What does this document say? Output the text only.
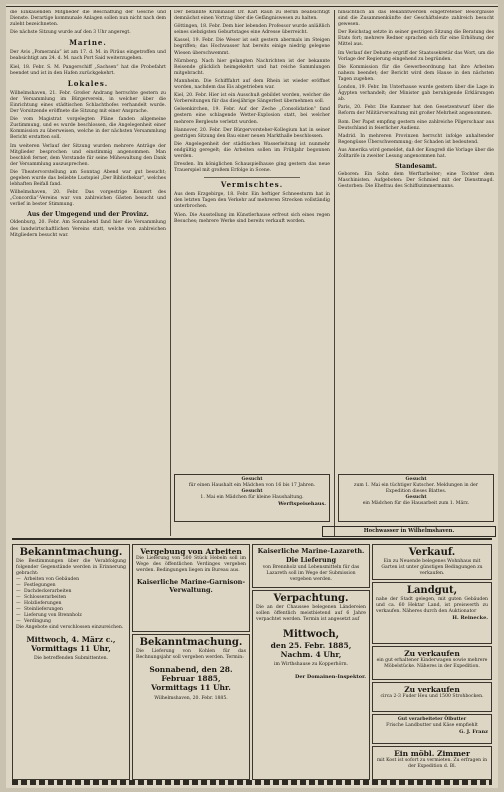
die Einkauenden Mitglieder die Beschaffung der Gesche und Dienste. Derartige kommunale Anlagen sollen nun nicht nach dem zuleht bezeichneten.

Die nächste Sitzung wurde auf den 3 Uhr angeregt.

Marine.

Der Avis „Pomerania“ ist am 17. d. M. in Piräus eingetroffen und beabsichtigt am 24. d. M. nach Port Said weiterzugehen.

Kiel, 18. Febr. S. M. Pangerschiff „Sachsen“ hat die Probefahrt beendet und ist in den Hafen zurückgekehrt.

Lokales.

Wilhelmshaven, 21. Febr. Großer Andrang herrschte gestern zu der Versammlung im Bürgerverein, in welcher über die Einrichtung eines städtischen Schlachthofes verhandelt wurde. Der Vorsitzende eröffnete die Sitzung mit einer Ansprache.

Die vom Magistrat vorgelegten Pläne fanden allgemeine Zustimmung, und es wurde beschlossen, die Angelegenheit einer Kommission zu überweisen, welche in der nächsten Versammlung Bericht erstatten soll.

Im weiteren Verlauf der Sitzung wurden mehrere Anträge der Mitglieder besprochen und einstimmig angenommen. Man beschloß ferner, dem Vorstande für seine Mühewaltung den Dank der Versammlung auszusprechen.

Die Theatervorstellung am Sonntag Abend war gut besucht; gegeben wurde das beliebte Lustspiel „Der Bibliothekar“, welches lebhaften Beifall fand.

Wilhelmshaven, 20. Febr. Das vorgestrige Konzert des „Concordia“-Vereins war von zahlreichen Gästen besucht und verlief in bester Stimmung.

Aus der Umgegend und der Provinz.

Oldenburg, 20. Febr. Am Sonnabend fand hier die Versammlung des landwirtschaftlichen Vereins statt, welche von zahlreichen Mitgliedern besucht war.

Der befannte Kriminalist Dr. Karl Rauh zu Berlin beabsichtigt demnächst einen Vortrag über die Gefängniswesen zu halten.

Göttingen, 18. Febr. Dem hier lebenden Professor wurde anläßlich seines siebzigsten Geburtstages eine Adresse überreicht.

Kassel, 19. Febr. Die Weser ist seit gestern abermals im Steigen begriffen; das Hochwasser hat bereits einige niedrig gelegene Wiesen überschwemmt.

Nürnberg. Nach hier gelangten Nachrichten ist der bekannte Reisende glücklich heimgekehrt und hat reiche Sammlungen mitgebracht.

Mannheim. Die Schifffahrt auf dem Rhein ist wieder eröffnet worden, nachdem das Eis abgetrieben war.

Kiel, 20. Febr. Hier ist ein Ausschuß gebildet worden, welcher die Vorbereitungen für das diesjährige Sängerfest übernehmen soll.

Gelsenkirchen, 19. Febr. Auf der Zeche „Consolidation“ fand gestern eine schlagende Wetter-Explosion statt, bei welcher mehrere Bergleute verletzt wurden.

Hannover, 20. Febr. Der Bürgervorsteher-Kollegium hat in seiner gestrigen Sitzung den Bau einer neuen Markthalle beschlossen.

Die Angelegenheit der städtischen Wasserleitung ist nunmehr endgültig geregelt; die Arbeiten sollen im Frühjahr begonnen werden.

Dresden. Im königlichen Schauspielhause ging gestern das neue Trauerspiel mit großem Erfolge in Scene.

Vermischtes.

Aus dem Erzgebirge, 18. Febr. Ein heftiger Schneesturm hat in den letzten Tagen den Verkehr auf mehreren Strecken vollständig unterbrochen.

Wien. Die Ausstellung im Künstlerhause erfreut sich eines regen Besuches; mehrere Werke sind bereits verkauft worden.

hinsichtlich an das Bekanntwerden eingetretener Besorgnisse sind die Zusammenkünfte der Geschäftsleute zahlreich besucht gewesen.

Der Reichstag setzte in seiner gestrigen Sitzung die Beratung des Etats fort; mehrere Redner sprachen sich für eine Erhöhung der Mittel aus.

Im Verlauf der Debatte ergriff der Staatssekretär das Wort, um die Vorlage der Regierung eingehend zu begründen.

Die Kommission für die Gewerbeordnung hat ihre Arbeiten nahezu beendet; der Bericht wird dem Hause in den nächsten Tagen zugehen.

London, 19. Febr. Im Unterhause wurde gestern über die Lage in Ägypten verhandelt; der Minister gab beruhigende Erklärungen ab.

Paris, 20. Febr. Die Kammer hat den Gesetzentwurf über die Reform der Militärverwaltung mit großer Mehrheit angenommen.

Rom. Der Papst empfing gestern eine zahlreiche Pilgerschaar aus Deutschland in feierlicher Audienz.

Madrid. In mehreren Provinzen herrscht infolge anhaltender Regengüsse Überschwemmung; der Schaden ist bedeutend.

Aus Amerika wird gemeldet, daß der Kongreß die Vorlage über die Zolltarife in zweiter Lesung angenommen hat.

Standesamt.

Geboren: Ein Sohn dem Werftarbeiter; eine Tochter dem Maschinisten. Aufgeboten: Der Schmied mit der Dienstmagd. Gestorben: Die Ehefrau des Schiffszimmermanns.

Hochwasser in Wilhelmshaven.
Bekanntmachung.
Die Bestimmungen über die Verabfolgung folgender Gegenstände werden in Erinnerung gebracht:
— Arbeiten von Gebäuden
— Festlegungen
— Dachdeckerarbeiten
— Schlosserarbeiten
— Holzlieferungen
— Steinlieferungen
— Lieferung von Brennholz
— Verdingung
Die Angebote sind verschlossen einzureichen.
Mittwoch, 4. März c.,
Vormittags 11 Uhr,
Die betreffenden Submittenten.
Vergebung von Arbeiten
Die Lieferung von 500 Stück Hebeln soll im Wege des öffentlichen Verdinges vergeben werden. Bedingungen liegen im Bureau aus.
Kaiserliche Marine-Garnison-Verwaltung.
Bekanntmachung.
Die Lieferung von Kohlen für das Rechnungsjahr soll vergeben werden. Termin:
Sonnabend, den 28. Februar 1885,
Vormittags 11 Uhr.
Wilhelmshaven, 20. Febr. 1885.
Kaiserliche Marine-Lazareth.
Die Lieferung
von Brennholz und Lebensmitteln für das Lazareth soll im Wege der Submission vergeben werden.
Verpachtung.
Die an der Chaussee belegenen Ländereien sollen öffentlich meistbietend auf 6 Jahre verpachtet werden. Termin ist angesetzt auf
Mittwoch,
den 25. Febr. 1885, Nachm. 4 Uhr,
im Wirthshause zu Kopperhörn.
Der Domainen-Inspektor.
Verkauf.
Ein zu Neuende belegenes Wohnhaus mit Garten ist unter günstigen Bedingungen zu verkaufen.
Landgut,
nahe der Stadt gelegen, mit guten Gebäuden und ca. 60 Hektar Land, ist preiswerth zu verkaufen. Näheres durch den Auktionator
H. Reinecke.
Zu verkaufen
ein gut erhaltener Kinderwagen sowie mehrere Möbelstücke. Näheres in der Expedition.
Zu verkaufen
circa 2-3 Fuder Heu und 1500 Strohbocken.
Gut verarbeiteter Ölbutter
Frische Landbutter und Käse empfiehlt
G. J. Franz
Ein möbl. Zimmer
mit Kost ist sofort zu vermieten. Zu erfragen in der Expedition d. Bl.
Gesucht
zum 1. Mai ein tüchtiger Kutscher. Meldungen in der Expedition dieses Blattes.
Gesucht
ein Mädchen für die Hausarbeit zum 1. März.
Gesucht
für einen Haushalt ein Mädchen von 16 bis 17 Jahren.
Gesucht
1. Mai ein Mädchen für kleine Haushaltung.
Werftspeisehaus.
